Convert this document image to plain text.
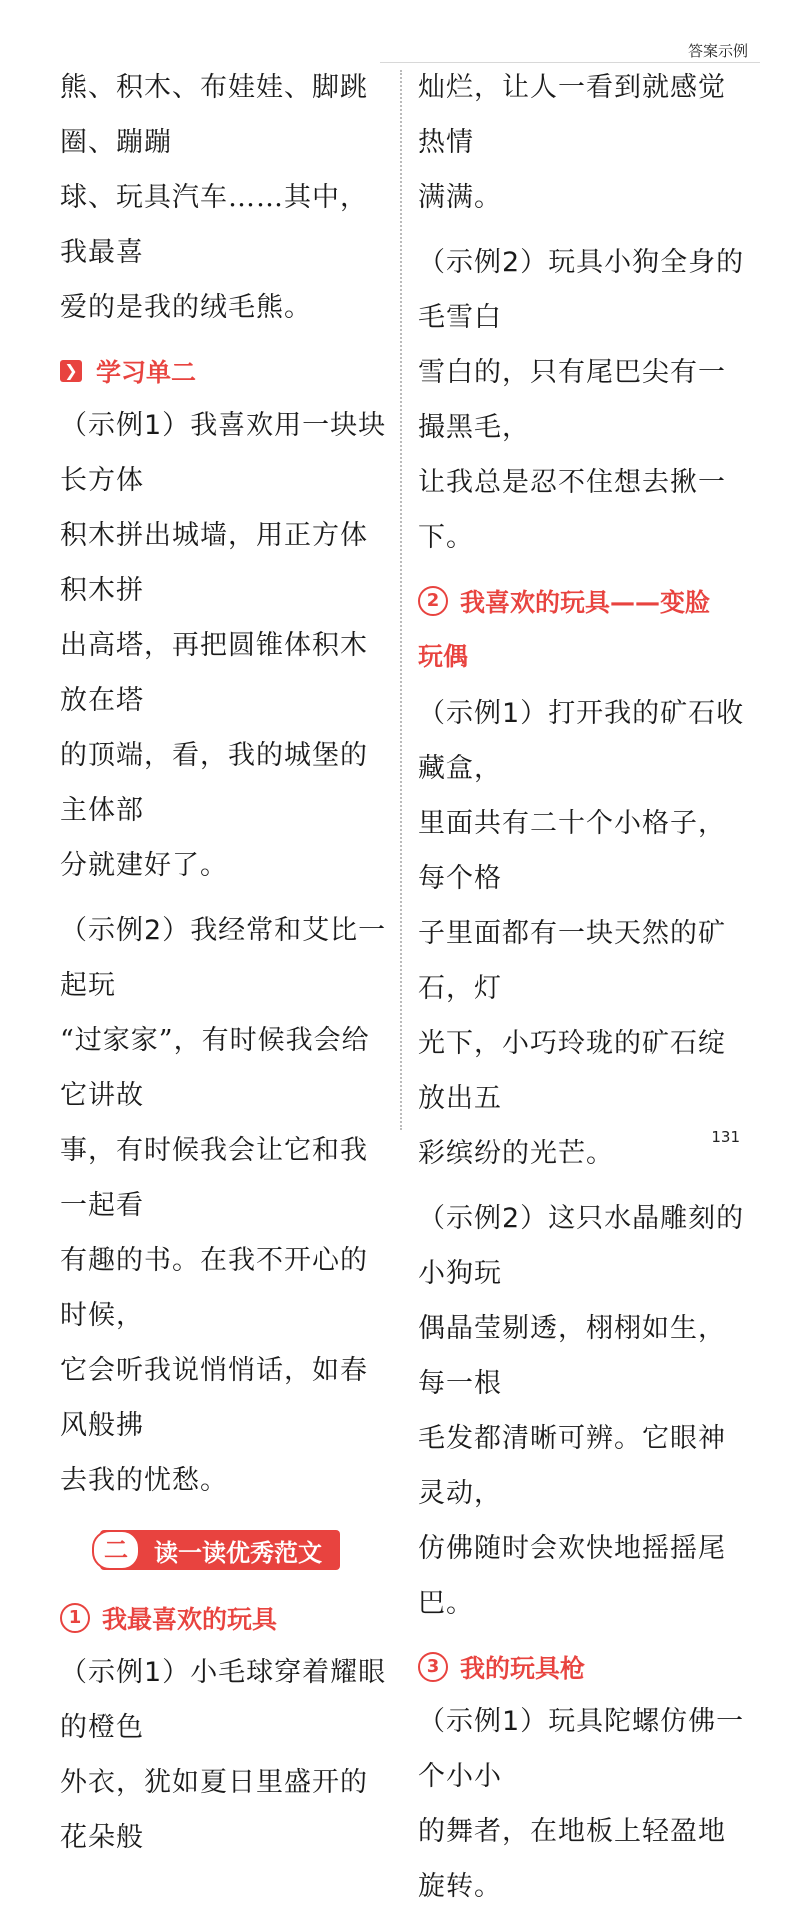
答案示例

熊、积木、布娃娃、脚跳圈、蹦蹦
球、玩具汽车……其中，我最喜
爱的是我的绒毛熊。

❯ 学习单二

（示例1）我喜欢用一块块长方体
积木拼出城墙，用正方体积木拼
出高塔，再把圆锥体积木放在塔
的顶端，看，我的城堡的主体部
分就建好了。

（示例2）我经常和艾比一起玩
“过家家”，有时候我会给它讲故
事，有时候我会让它和我一起看
有趣的书。在我不开心的时候，
它会听我说悄悄话，如春风般拂
去我的忧愁。

二	读一读优秀范文
1 我最喜欢的玩具

（示例1）小毛球穿着耀眼的橙色
外衣，犹如夏日里盛开的花朵般

灿烂，让人一看到就感觉热情
满满。

（示例2）玩具小狗全身的毛雪白
雪白的，只有尾巴尖有一撮黑毛，
让我总是忍不住想去揪一下。

2 我喜欢的玩具——变脸

玩偶

（示例1）打开我的矿石收藏盒，
里面共有二十个小格子，每个格
子里面都有一块天然的矿石，灯
光下，小巧玲珑的矿石绽放出五
彩缤纷的光芒。

（示例2）这只水晶雕刻的小狗玩
偶晶莹剔透，栩栩如生，每一根
毛发都清晰可辨。它眼神灵动，
仿佛随时会欢快地摇摇尾巴。

3 我的玩具枪

（示例1）玩具陀螺仿佛一个小小
的舞者，在地板上轻盈地旋转。

131
